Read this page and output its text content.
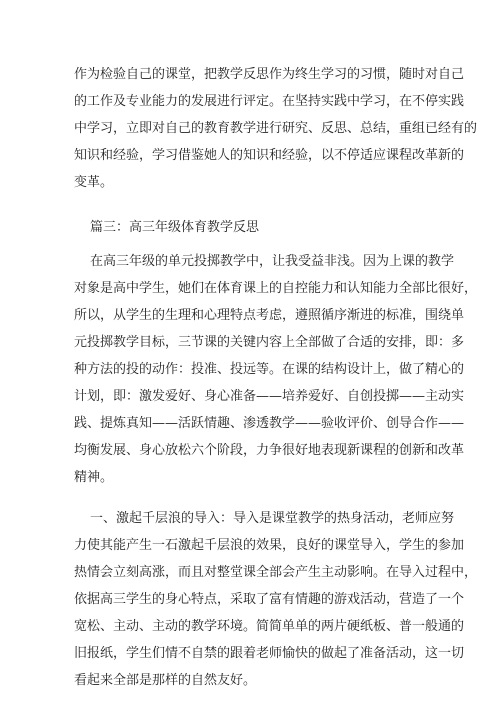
作为检验自己的课堂，把教学反思作为终生学习的习惯，随时对自己
的工作及专业能力的发展进行评定。在坚持实践中学习，在不停实践
中学习，立即对自己的教育教学进行研究、反思、总结，重组已经有的
知识和经验，学习借鉴她人的知识和经验，以不停适应课程改革新的
变革。
篇三：高三年级体育教学反思
在高三年级的单元投掷教学中，让我受益非浅。因为上课的教学
对象是高中学生，她们在体育课上的自控能力和认知能力全部比很好，
所以，从学生的生理和心理特点考虑，遵照循序渐进的标准，围绕单
元投掷教学目标，三节课的关键内容上全部做了合适的安排，即：多
种方法的投的动作：投准、投远等。在课的结构设计上，做了精心的
计划，即：激发爱好、身心准备——培养爱好、自创投掷——主动实
践、提炼真知——活跃情趣、渗透教学——验收评价、创导合作——
均衡发展、身心放松六个阶段，力争很好地表现新课程的创新和改革
精神。
一、激起千层浪的导入：导入是课堂教学的热身活动，老师应努
力使其能产生一石激起千层浪的效果，良好的课堂导入，学生的参加
热情会立刻高涨，而且对整堂课全部会产生主动影响。在导入过程中，
依据高三学生的身心特点，采取了富有情趣的游戏活动，营造了一个
宽松、主动、主动的教学环境。简简单单的两片硬纸板、普一般通的
旧报纸，学生们情不自禁的跟着老师愉快的做起了准备活动，这一切
看起来全部是那样的自然友好。
